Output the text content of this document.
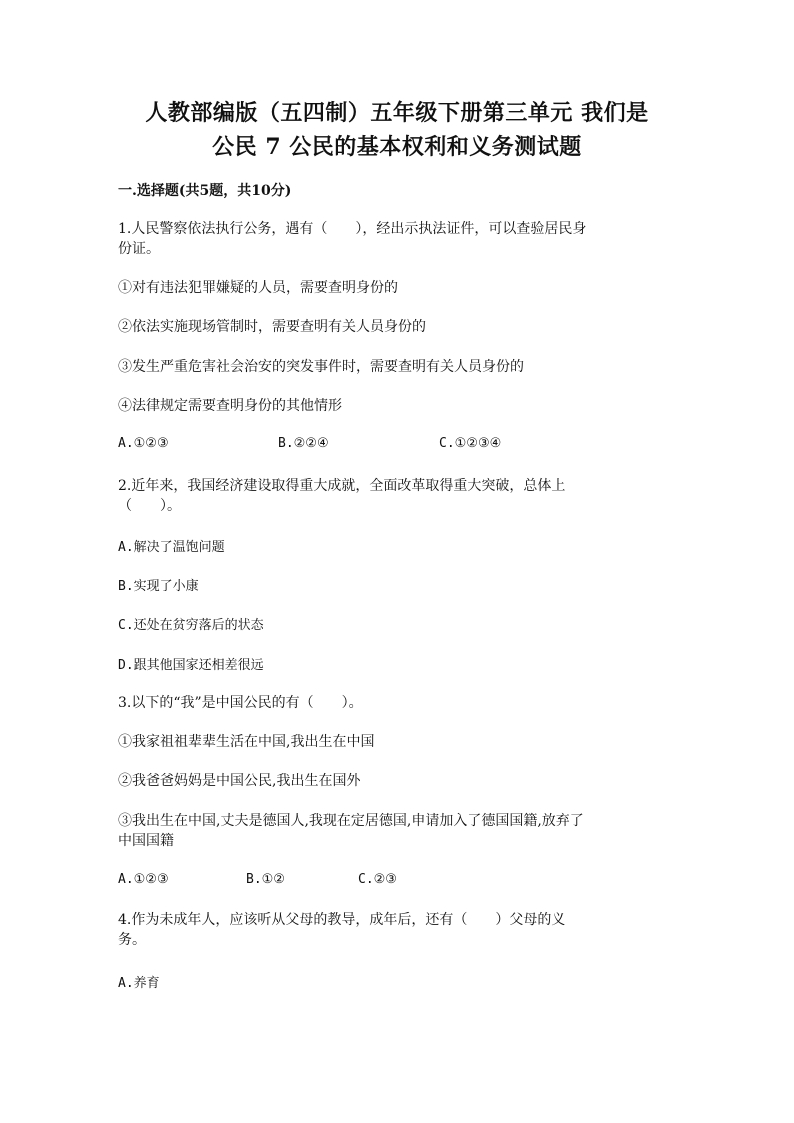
人教部编版（五四制）五年级下册第三单元 我们是
公民 7 公民的基本权利和义务测试题
一.选择题(共5题，共10分)
1.人民警察依法执行公务，遇有（　　），经出示执法证件，可以查验居民身
份证。
①对有违法犯罪嫌疑的人员，需要查明身份的
②依法实施现场管制时，需要查明有关人员身份的
③发生严重危害社会治安的突发事件时，需要查明有关人员身份的
④法律规定需要查明身份的其他情形
A.①②③	B.②②④	C.①②③④
2.近年来，我国经济建设取得重大成就，全面改革取得重大突破，总体上
（　　）。
A.解决了温饱问题
B.实现了小康
C.还处在贫穷落后的状态
D.跟其他国家还相差很远
3.以下的“我”是中国公民的有（　　）。
①我家祖祖辈辈生活在中国,我出生在中国
②我爸爸妈妈是中国公民,我出生在国外
③我出生在中国,丈夫是德国人,我现在定居德国,申请加入了德国国籍,放弃了
中国国籍
A.①②③	B.①②	C.②③
4.作为未成年人，应该听从父母的教导，成年后，还有（　　）父母的义
务。
A.养育
